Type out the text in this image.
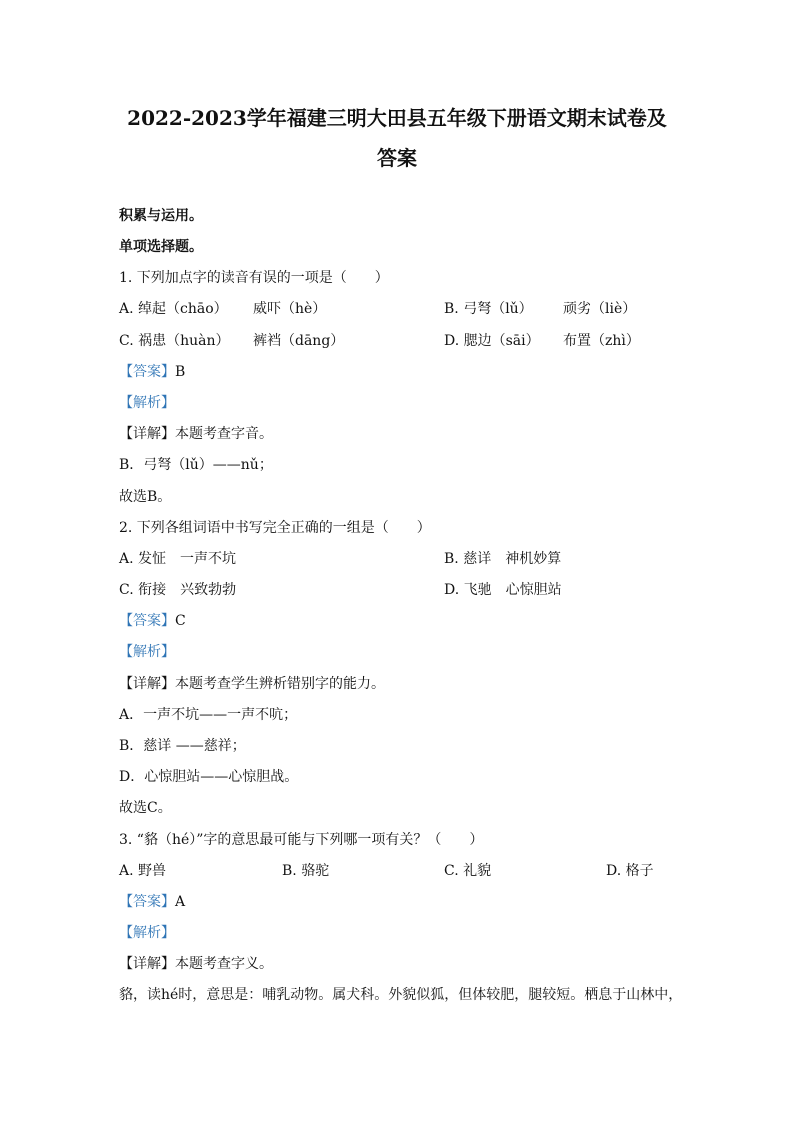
2022-2023学年福建三明大田县五年级下册语文期末试卷及
答案
积累与运用。
单项选择题。
1. 下列加点字的读音有误的一项是（　　）
A. 绰起（chāo） 威吓（hè）	B. 弓弩（lǔ） 顽劣（liè）
C. 祸患（huàn） 裤裆（dāng）	D. 腮边（sāi） 布置（zhì）
【答案】B
【解析】
【详解】本题考查字音。
B．弓弩（lǔ）——nǔ；
故选B。
2. 下列各组词语中书写完全正确的一组是（　　）
A. 发怔　一声不坑	B. 慈详　神机妙算
C. 衔接　兴致勃勃	D. 飞驰　心惊胆站
【答案】C
【解析】
【详解】本题考查学生辨析错别字的能力。
A．一声不坑——一声不吭；
B．慈详 ——慈祥；
D．心惊胆站——心惊胆战。
故选C。
3. “貉（hé）”字的意思最可能与下列哪一项有关？（　　）
A. 野兽	B. 骆驼	C. 礼貌	D. 格子
【答案】A
【解析】
【详解】本题考查字义。
貉，读hé时，意思是：哺乳动物。属犬科。外貌似狐，但体较肥，腿较短。栖息于山林中，
